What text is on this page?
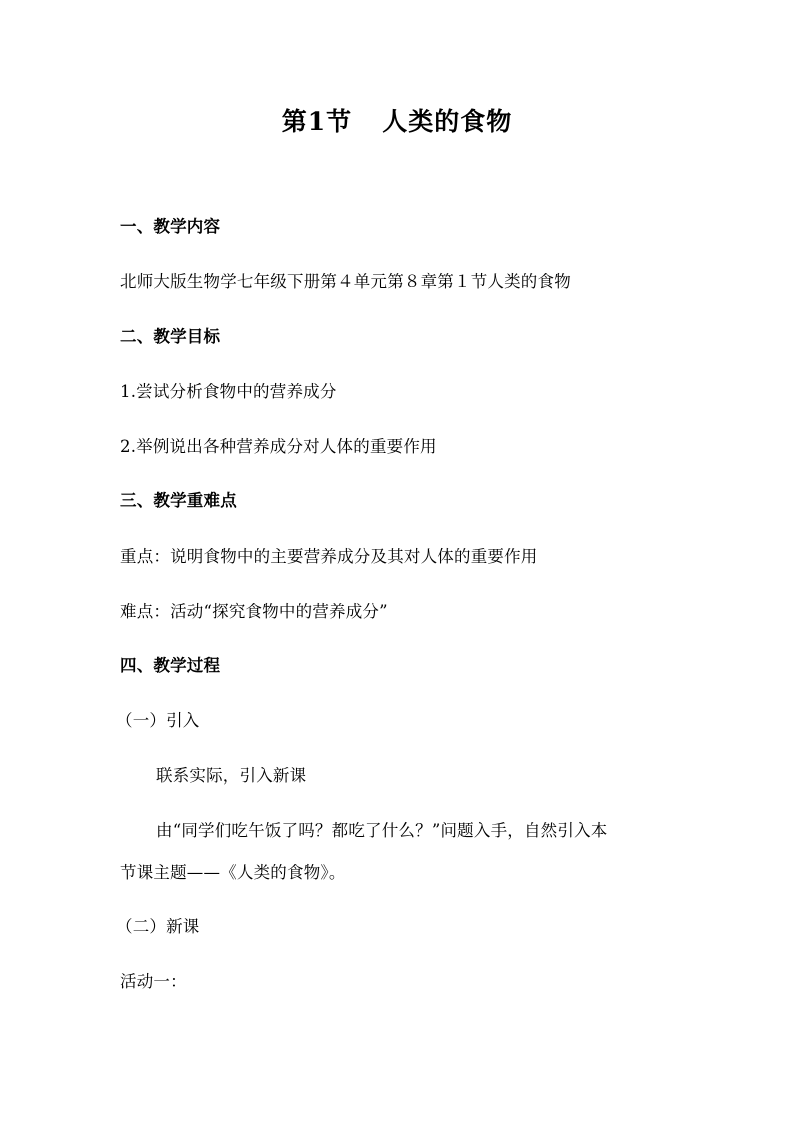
第1节 人类的食物
一、教学内容
北师大版生物学七年级下册第４单元第８章第１节人类的食物
二、教学目标
1.尝试分析食物中的营养成分
2.举例说出各种营养成分对人体的重要作用
三、教学重难点
重点：说明食物中的主要营养成分及其对人体的重要作用
难点：活动“探究食物中的营养成分”
四、教学过程
（一）引入
联系实际，引入新课
由“同学们吃午饭了吗？都吃了什么？”问题入手，自然引入本
节课主题——《人类的食物》。
（二）新课
活动一：
